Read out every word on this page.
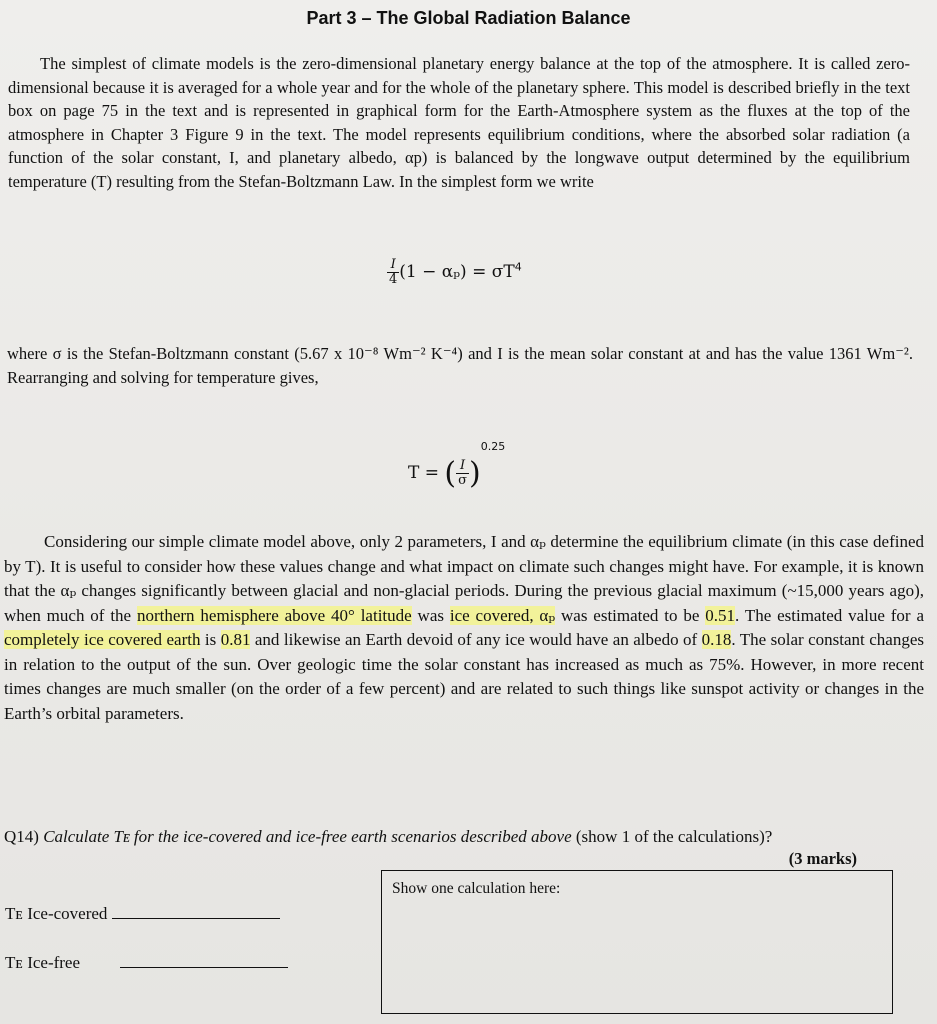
Part 3 – The Global Radiation Balance

The simplest of climate models is the zero-dimensional planetary energy balance at the top of the atmosphere. It is called zero-dimensional because it is averaged for a whole year and for the whole of the planetary sphere. This model is described briefly in the text box on page 75 in the text and is represented in graphical form for the Earth-Atmosphere system as the fluxes at the top of the atmosphere in Chapter 3 Figure 9 in the text. The model represents equilibrium conditions, where the absorbed solar radiation (a function of the solar constant, I, and planetary albedo, αp) is balanced by the longwave output determined by the equilibrium temperature (T) resulting from the Stefan-Boltzmann Law. In the simplest form we write

$\frac{I}{4} (1 - \alpha_p) = \sigma T^4$

where σ is the Stefan-Boltzmann constant (5.67 x 10⁻⁸ Wm⁻² K⁻⁴) and I is the mean solar constant at and has the value 1361 Wm⁻². Rearranging and solving for temperature gives,

T = ( $\frac{I}{\sigma} )^{0.25}$

Considering our simple climate model above, only 2 parameters, I and αₚ determine the equilibrium climate (in this case defined by T). It is useful to consider how these values change and what impact on climate such changes might have. For example, it is known that the αₚ changes significantly between glacial and non-glacial periods. During the previous glacial maximum (~15,000 years ago), when much of the northern hemisphere above 40° latitude was ice covered, αₚ was estimated to be 0.51. The estimated value for a completely ice covered earth is 0.81 and likewise an Earth devoid of any ice would have an albedo of 0.18. The solar constant changes in relation to the output of the sun. Over geologic time the solar constant has increased as much as 75%. However, in more recent times changes are much smaller (on the order of a few percent) and are related to such things like sunspot activity or changes in the Earth’s orbital parameters.

Q14) Calculate Tᴇ for the ice-covered and ice-free earth scenarios described above (show 1 of the calculations)?
(3 marks)
Show one calculation here:
Tᴇ Ice-covered
Tᴇ Ice-free
